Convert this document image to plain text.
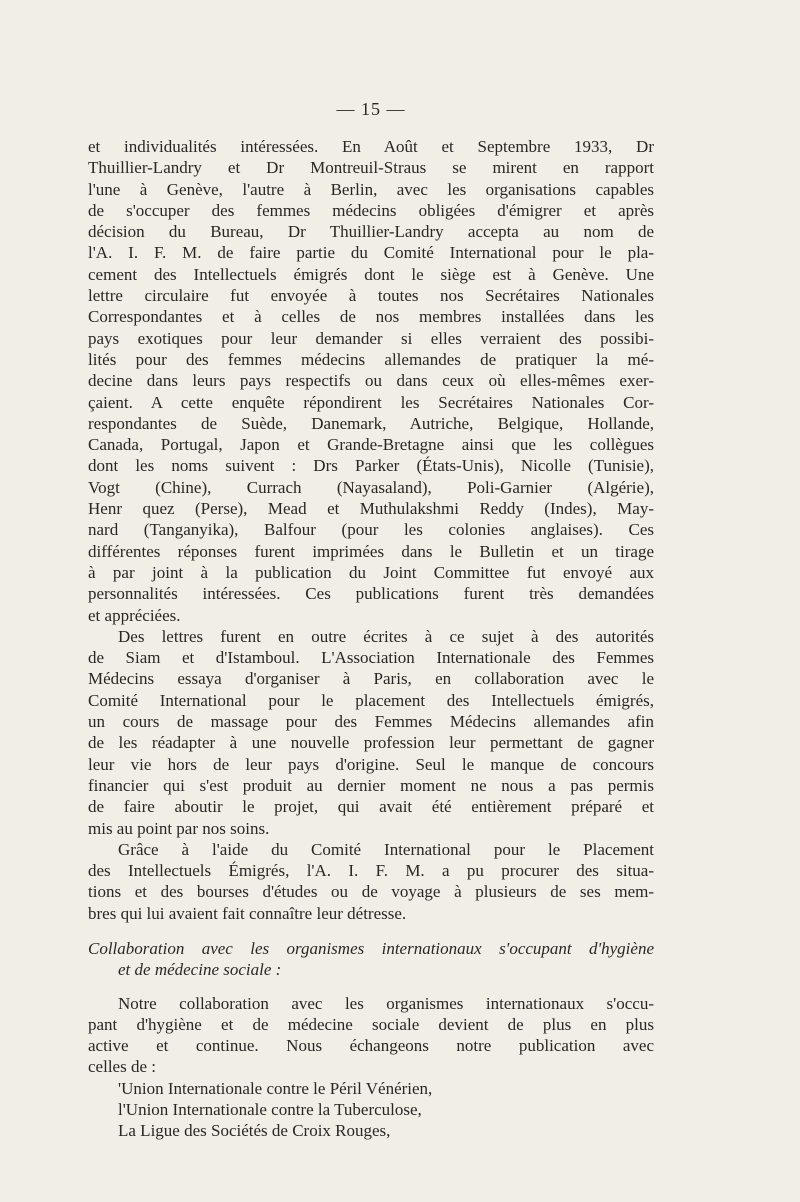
— 15 —
et individualités intéressées. En Août et Septembre 1933, Dr
Thuillier-Landry et Dr Montreuil-Straus se mirent en rapport
l'une à Genève, l'autre à Berlin, avec les organisations capables
de s'occuper des femmes médecins obligées d'émigrer et après
décision du Bureau, Dr Thuillier-Landry accepta au nom de
l'A. I. F. M. de faire partie du Comité International pour le pla-
cement des Intellectuels émigrés dont le siège est à Genève. Une
lettre circulaire fut envoyée à toutes nos Secrétaires Nationales
Correspondantes et à celles de nos membres installées dans les
pays exotiques pour leur demander si elles verraient des possibi-
lités pour des femmes médecins allemandes de pratiquer la mé-
decine dans leurs pays respectifs ou dans ceux où elles-mêmes exer-
çaient. A cette enquête répondirent les Secrétaires Nationales Cor-
respondantes de Suède, Danemark, Autriche, Belgique, Hollande,
Canada, Portugal, Japon et Grande-Bretagne ainsi que les collègues
dont les noms suivent : Drs Parker (États-Unis), Nicolle (Tunisie),
Vogt (Chine), Currach (Nayasaland), Poli-Garnier (Algérie),
Henr quez (Perse), Mead et Muthulakshmi Reddy (Indes), May-
nard (Tanganyika), Balfour (pour les colonies anglaises). Ces
différentes réponses furent imprimées dans le Bulletin et un tirage
à par joint à la publication du Joint Committee fut envoyé aux
personnalités intéressées. Ces publications furent très demandées
et appréciées.
Des lettres furent en outre écrites à ce sujet à des autorités
de Siam et d'Istamboul. L'Association Internationale des Femmes
Médecins essaya d'organiser à Paris, en collaboration avec le
Comité International pour le placement des Intellectuels émigrés,
un cours de massage pour des Femmes Médecins allemandes afin
de les réadapter à une nouvelle profession leur permettant de gagner
leur vie hors de leur pays d'origine. Seul le manque de concours
financier qui s'est produit au dernier moment ne nous a pas permis
de faire aboutir le projet, qui avait été entièrement préparé et
mis au point par nos soins.
Grâce à l'aide du Comité International pour le Placement
des Intellectuels Émigrés, l'A. I. F. M. a pu procurer des situa-
tions et des bourses d'études ou de voyage à plusieurs de ses mem-
bres qui lui avaient fait connaître leur détresse.
Collaboration avec les organismes internationaux s'occupant d'hygiène
et de médecine sociale :
Notre collaboration avec les organismes internationaux s'occu-
pant d'hygiène et de médecine sociale devient de plus en plus
active et continue. Nous échangeons notre publication avec
celles de :
'Union Internationale contre le Péril Vénérien,
l'Union Internationale contre la Tuberculose,
La Ligue des Sociétés de Croix Rouges,
